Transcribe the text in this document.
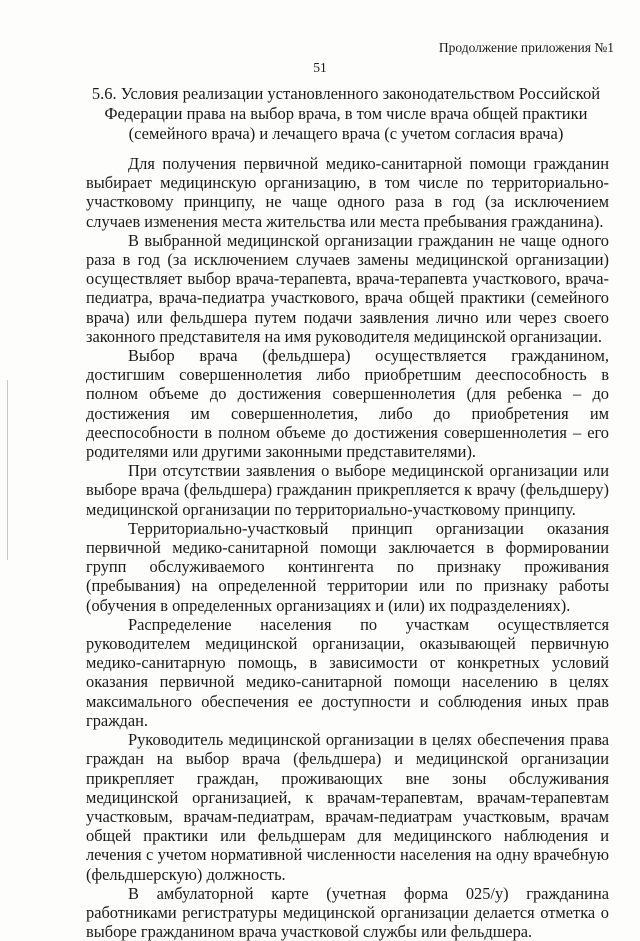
Продолжение приложения №1
51
5.6. Условия реализации установленного законодательством Российской Федерации права на выбор врача, в том числе врача общей практики (семейного врача) и лечащего врача (с учетом согласия врача)

Для получения первичной медико-санитарной помощи гражданин выбирает медицинскую организацию, в том числе по территориально-участковому принципу, не чаще одного раза в год (за исключением случаев изменения места жительства или места пребывания гражданина).

В выбранной медицинской организации гражданин не чаще одного раза в год (за исключением случаев замены медицинской организации) осуществляет выбор врача-терапевта, врача-терапевта участкового, врача-педиатра, врача-педиатра участкового, врача общей практики (семейного врача) или фельдшера путем подачи заявления лично или через своего законного представителя на имя руководителя медицинской организации.

Выбор врача (фельдшера) осуществляется гражданином, достигшим совершеннолетия либо приобретшим дееспособность в полном объеме до достижения совершеннолетия (для ребенка – до достижения им совершеннолетия, либо до приобретения им дееспособности в полном объеме до достижения совершеннолетия – его родителями или другими законными представителями).

При отсутствии заявления о выборе медицинской организации или выборе врача (фельдшера) гражданин прикрепляется к врачу (фельдшеру) медицинской организации по территориально-участковому принципу.

Территориально-участковый принцип организации оказания первичной медико-санитарной помощи заключается в формировании групп обслуживаемого контингента по признаку проживания (пребывания) на определенной территории или по признаку работы (обучения в определенных организациях и (или) их подразделениях).

Распределение населения по участкам осуществляется руководителем медицинской организации, оказывающей первичную медико-санитарную помощь, в зависимости от конкретных условий оказания первичной медико-санитарной помощи населению в целях максимального обеспечения ее доступности и соблюдения иных прав граждан.

Руководитель медицинской организации в целях обеспечения права граждан на выбор врача (фельдшера) и медицинской организации прикрепляет граждан, проживающих вне зоны обслуживания медицинской организацией, к врачам-терапевтам, врачам-терапевтам участковым, врачам-педиатрам, врачам-педиатрам участковым, врачам общей практики или фельдшерам для медицинского наблюдения и лечения с учетом нормативной численности населения на одну врачебную (фельдшерскую) должность.

В амбулаторной карте (учетная форма 025/у) гражданина работниками регистратуры медицинской организации делается отметка о выборе гражданином врача участковой службы или фельдшера.
